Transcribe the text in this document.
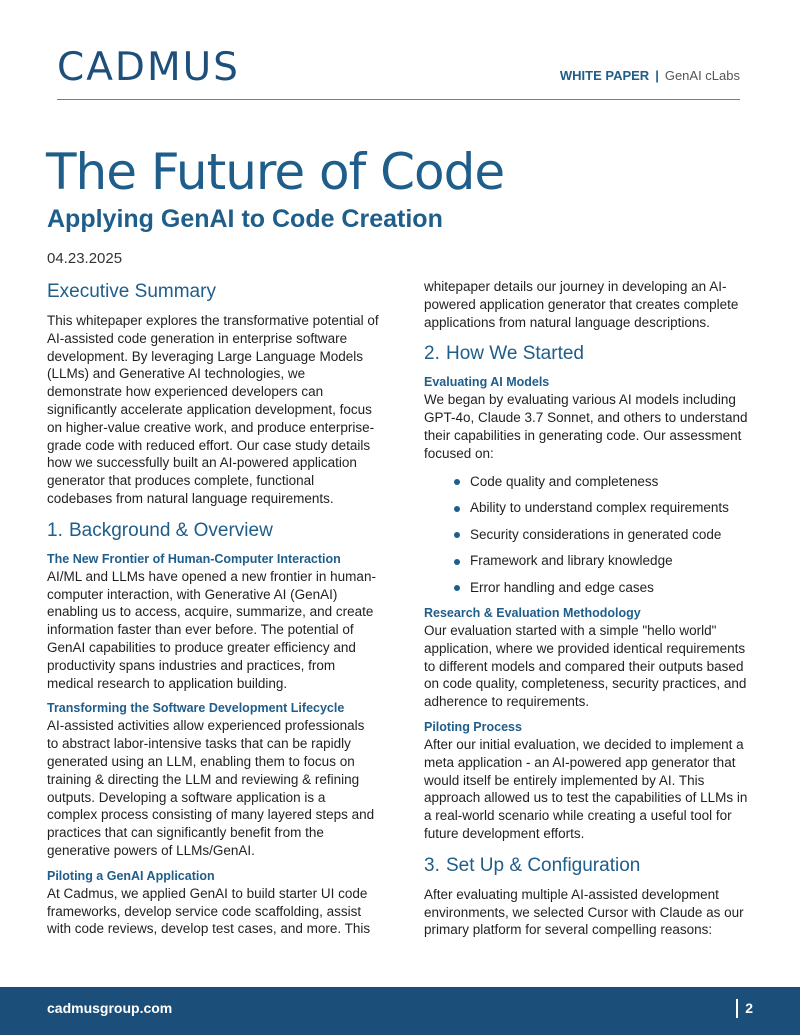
CADMUS	WHITE PAPER | GenAI cLabs
The Future of Code
Applying GenAI to Code Creation
04.23.2025
Executive Summary

This whitepaper explores the transformative potential of AI-assisted code generation in enterprise software development. By leveraging Large Language Models (LLMs) and Generative AI technologies, we demonstrate how experienced developers can significantly accelerate application development, focus on higher-value creative work, and produce enterprise-grade code with reduced effort. Our case study details how we successfully built an AI-powered application generator that produces complete, functional codebases from natural language requirements.

1. Background & Overview
The New Frontier of Human-Computer Interaction

AI/ML and LLMs have opened a new frontier in human-computer interaction, with Generative AI (GenAI) enabling us to access, acquire, summarize, and create information faster than ever before. The potential of GenAI capabilities to produce greater efficiency and productivity spans industries and practices, from medical research to application building.

Transforming the Software Development Lifecycle

AI-assisted activities allow experienced professionals to abstract labor-intensive tasks that can be rapidly generated using an LLM, enabling them to focus on training & directing the LLM and reviewing & refining outputs. Developing a software application is a complex process consisting of many layered steps and practices that can significantly benefit from the generative powers of LLMs/GenAI.

Piloting a GenAI Application

At Cadmus, we applied GenAI to build starter UI code frameworks, develop service code scaffolding, assist with code reviews, develop test cases, and more. This

whitepaper details our journey in developing an AI-powered application generator that creates complete applications from natural language descriptions.

2. How We Started
Evaluating AI Models

We began by evaluating various AI models including GPT-4o, Claude 3.7 Sonnet, and others to understand their capabilities in generating code. Our assessment focused on:

Code quality and completeness
Ability to understand complex requirements
Security considerations in generated code
Framework and library knowledge
Error handling and edge cases
Research & Evaluation Methodology

Our evaluation started with a simple "hello world" application, where we provided identical requirements to different models and compared their outputs based on code quality, completeness, security practices, and adherence to requirements.

Piloting Process

After our initial evaluation, we decided to implement a meta application - an AI-powered app generator that would itself be entirely implemented by AI. This approach allowed us to test the capabilities of LLMs in a real-world scenario while creating a useful tool for future development efforts.

3. Set Up & Configuration

After evaluating multiple AI-assisted development environments, we selected Cursor with Claude as our primary platform for several compelling reasons:

cadmusgroup.com	2
